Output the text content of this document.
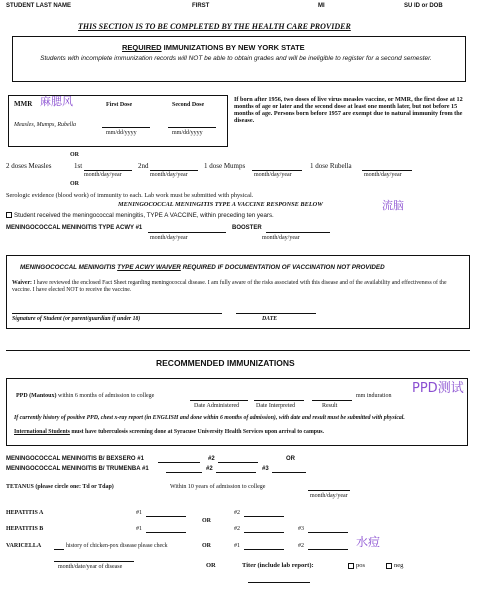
STUDENT LAST NAME	FIRST	MI	SU ID or DOB
THIS SECTION IS TO BE COMPLETED BY THE HEALTH CARE PROVIDER
REQUIRED IMMUNIZATIONS BY NEW YORK STATE
Students with incomplete immunization records will NOT be able to obtain grades and will be ineligible to register for a second semester.
MMR 麻腮风	First Dose	Second Dose
Measles, Mumps, Rubella
mm/dd/yyyy	mm/dd/yyyy
If born after 1956, two doses of live virus measles vaccine, or MMR, the first dose at 12 months of age or later and the second dose at least one month later, but not before 15 months of age. Persons born before 1957 are exempt due to natural immunity from the disease.
OR
2 doses Measles	1st	2nd	1 dose Mumps	1 dose Rubella
month/day/year	month/day/year	month/day/year	month/day/year
OR
Serologic evidence (blood work) of immunity to each. Lab work must be submitted with physical.
MENINGOCOCCAL MENINGITIS TYPE A VACCINE RESPONSE BELOW	流脑
Student received the meningococcal meningitis, TYPE A VACCINE, within preceding ten years.
MENINGOCOCCAL MENINGITIS TYPE ACWY #1	BOOSTER
month/day/year	month/day/year
MENINGOCOCCAL MENINGITIS TYPE ACWY WAIVER REQUIRED IF DOCUMENTATION OF VACCINATION NOT PROVIDED
Waiver: I have reviewed the enclosed Fact Sheet regarding meningococcal disease. I am fully aware of the risks associated with this disease and of the availability and effectiveness of the vaccine. I have elected NOT to receive the vaccine.
Signature of Student (or parent/guardian if under 18)	DATE
RECOMMENDED IMMUNIZATIONS
PPD (Mantoux) within 6 months of admission to college	mm induration PPD测试
Date Administered	Date Interpreted	Result
If currently history of positive PPD, chest x-ray report (in ENGLISH and done within 6 months of admission), with date and result must be submitted with physical.
International Students must have tuberculosis screening done at Syracuse University Health Services upon arrival to campus.
MENINGOCOCCAL MENINGITIS B/ BEXSERO #1	#2	OR
MENINGOCOCCAL MENINGITIS B/ TRUMENBA #1	#2	#3
TETANUS (please circle one: Td or Tdap)	Within 10 years of admission to college
month/day/year
HEPATITIS A	#1	#2
OR
HEPATITIS B	#1	#2	#3
VARICELLA	history of chicken-pox disease please check	OR	#1	#2	水痘
month/date/year of disease	OR	Titer (include lab report):	pos	neg
